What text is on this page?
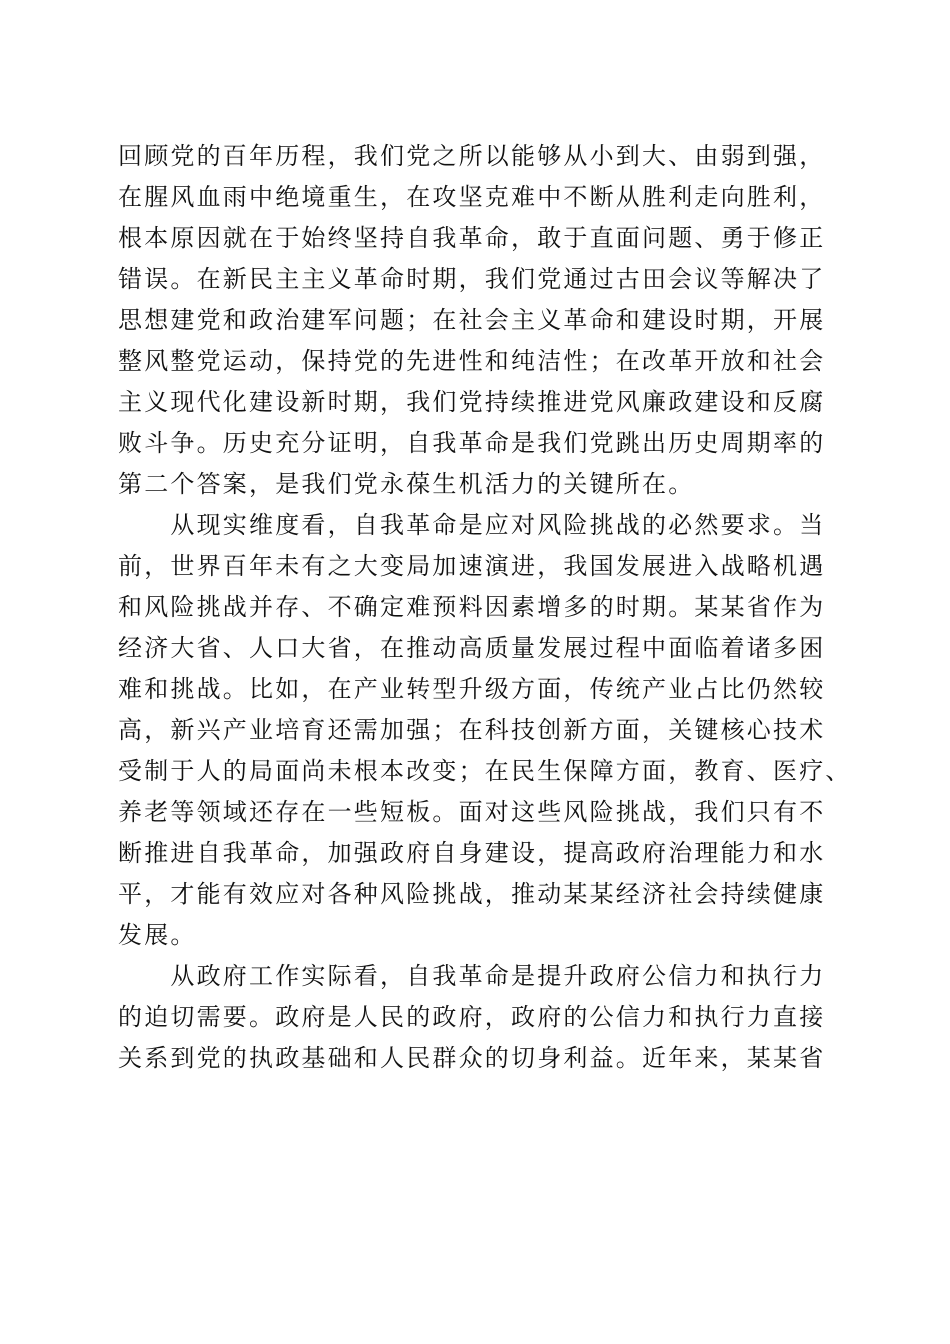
回顾党的百年历程，我们党之所以能够从小到大、由弱到强，
在腥风血雨中绝境重生，在攻坚克难中不断从胜利走向胜利，
根本原因就在于始终坚持自我革命，敢于直面问题、勇于修正
错误。在新民主主义革命时期，我们党通过古田会议等解决了
思想建党和政治建军问题；在社会主义革命和建设时期，开展
整风整党运动，保持党的先进性和纯洁性；在改革开放和社会
主义现代化建设新时期，我们党持续推进党风廉政建设和反腐
败斗争。历史充分证明，自我革命是我们党跳出历史周期率的
第二个答案，是我们党永葆生机活力的关键所在。
　　从现实维度看，自我革命是应对风险挑战的必然要求。当
前，世界百年未有之大变局加速演进，我国发展进入战略机遇
和风险挑战并存、不确定难预料因素增多的时期。某某省作为
经济大省、人口大省，在推动高质量发展过程中面临着诸多困
难和挑战。比如，在产业转型升级方面，传统产业占比仍然较
高，新兴产业培育还需加强；在科技创新方面，关键核心技术
受制于人的局面尚未根本改变；在民生保障方面，教育、医疗、
养老等领域还存在一些短板。面对这些风险挑战，我们只有不
断推进自我革命，加强政府自身建设，提高政府治理能力和水
平，才能有效应对各种风险挑战，推动某某经济社会持续健康
发展。
　　从政府工作实际看，自我革命是提升政府公信力和执行力
的迫切需要。政府是人民的政府，政府的公信力和执行力直接
关系到党的执政基础和人民群众的切身利益。近年来，某某省
